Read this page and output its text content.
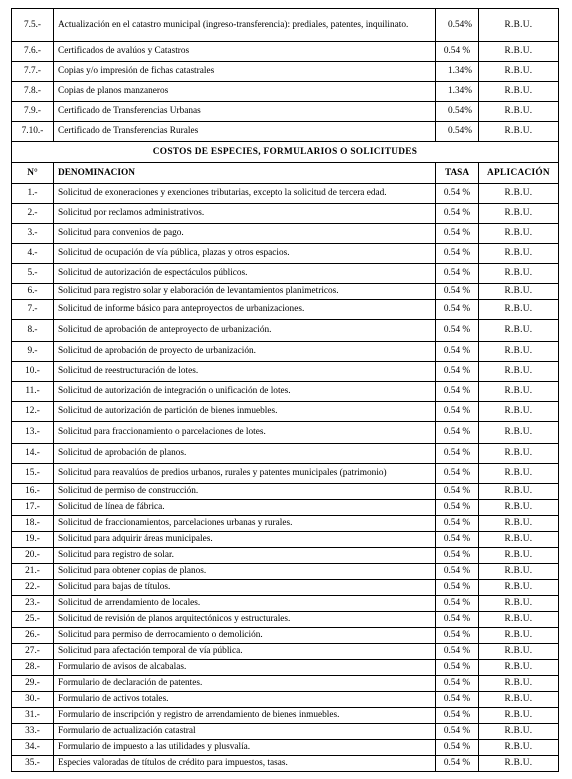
7.5.-	Actualización en el catastro municipal (ingreso-transferencia): prediales, patentes, inquilinato.	0.54%	R.B.U.
7.6.-	Certificados de avalúos y Catastros	0.54 %	R.B.U.
7.7.-	Copias y/o impresión de fichas catastrales	1.34%	R.B.U.
7.8.-	Copias de planos manzaneros	1.34%	R.B.U.
7.9.-	Certificado de Transferencias Urbanas	0.54%	R.B.U.
7.10.-	Certificado de Transferencias Rurales	0.54%	R.B.U.
COSTOS DE ESPECIES, FORMULARIOS O SOLICITUDES			
N°	DENOMINACION	TASA	APLICACIÓN
1.-	Solicitud de exoneraciones y exenciones tributarias, excepto la solicitud de tercera edad.	0.54 %	R.B.U.
2.-	Solicitud por reclamos administrativos.	0.54 %	R.B.U.
3.-	Solicitud para convenios de pago.	0.54 %	R.B.U.
4.-	Solicitud de ocupación de vía pública, plazas y otros espacios.	0.54 %	R.B.U.
5.-	Solicitud de autorización de espectáculos públicos.	0.54 %	R.B.U.
6.-	Solicitud para registro solar y elaboración de levantamientos planimetricos.	0.54 %	R.B.U.
7.-	Solicitud de informe básico para anteproyectos de urbanizaciones.	0.54 %	R.B.U.
8.-	Solicitud de aprobación de anteproyecto de urbanización.	0.54 %	R.B.U.
9.-	Solicitud de aprobación de proyecto de urbanización.	0.54 %	R.B.U.
10.-	Solicitud de reestructuración de lotes.	0.54 %	R.B.U.
11.-	Solicitud de autorización de integración o unificación de lotes.	0.54 %	R.B.U.
12.-	Solicitud de autorización de partición de bienes inmuebles.	0.54 %	R.B.U.
13.-	Solicitud para fraccionamiento o parcelaciones de lotes.	0.54 %	R.B.U.
14.-	Solicitud de aprobación de planos.	0.54 %	R.B.U.
15.-	Solicitud para reavalúos de predios urbanos, rurales y patentes municipales (patrimonio)	0.54 %	R.B.U.
16.-	Solicitud de permiso de construcción.	0.54 %	R.B.U.
17.-	Solicitud de línea de fábrica.	0.54 %	R.B.U.
18.-	Solicitud de fraccionamientos, parcelaciones urbanas y rurales.	0.54 %	R.B.U.
19.-	Solicitud para adquirir áreas municipales.	0.54 %	R.B.U.
20.-	Solicitud para registro de solar.	0.54 %	R.B.U.
21.-	Solicitud para obtener copias de planos.	0.54 %	R.B.U.
22.-	Solicitud para bajas de títulos.	0.54 %	R.B.U.
23.-	Solicitud de arrendamiento de locales.	0.54 %	R.B.U.
25.-	Solicitud de revisión de planos arquitectónicos y estructurales.	0.54 %	R.B.U.
26.-	Solicitud para permiso de derrocamiento o demolición.	0.54 %	R.B.U.
27.-	Solicitud para afectación temporal de vía pública.	0.54 %	R.B.U.
28.-	Formulario de avisos de alcabalas.	0.54 %	R.B.U.
29.-	Formulario de declaración de patentes.	0.54 %	R.B.U.
30.-	Formulario de activos totales.	0.54 %	R.B.U.
31.-	Formulario de inscripción y registro de arrendamiento de bienes inmuebles.	0.54 %	R.B.U.
33.-	Formulario de actualización catastral	0.54 %	R.B.U.
34.-	Formulario de impuesto a las utilidades y plusvalía.	0.54 %	R.B.U.
35.-	Especies valoradas de títulos de crédito para impuestos, tasas.	0.54 %	R.B.U.
